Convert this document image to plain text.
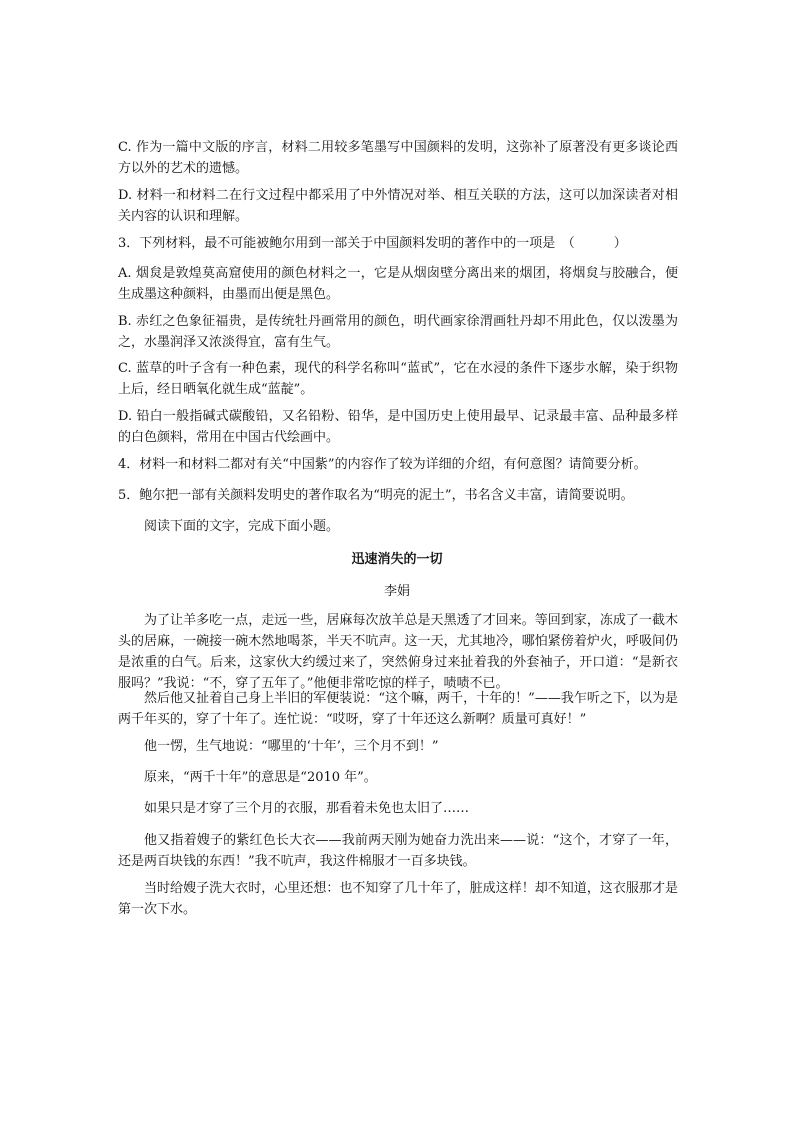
C. 作为一篇中文版的序言，材料二用较多笔墨写中国颜料的发明，这弥补了原著没有更多谈论西方以外的艺术的遗憾。

D. 材料一和材料二在行文过程中都采用了中外情况对举、相互关联的方法，这可以加深读者对相关内容的认识和理解。

3．下列材料，最不可能被鲍尔用到一部关于中国颜料发明的著作中的一项是　（　　　）

A. 烟炱是敦煌莫高窟使用的颜色材料之一，它是从烟囱壁分离出来的烟团，将烟炱与胶融合，便生成墨这种颜料，由墨而出便是黑色。

B. 赤红之色象征福贵，是传统牡丹画常用的颜色，明代画家徐渭画牡丹却不用此色，仅以泼墨为之，水墨润泽又浓淡得宜，富有生气。

C. 蓝草的叶子含有一种色素，现代的科学名称叫“蓝甙”，它在水浸的条件下逐步水解，染于织物上后，经日晒氧化就生成“蓝靛”。

D. 铅白一般指碱式碳酸铅，又名铅粉、铅华，是中国历史上使用最早、记录最丰富、品种最多样的白色颜料，常用在中国古代绘画中。

4．材料一和材料二都对有关“中国紫”的内容作了较为详细的介绍，有何意图？请简要分析。

5．鲍尔把一部有关颜料发明史的著作取名为“明亮的泥土”，书名含义丰富，请简要说明。

阅读下面的文字，完成下面小题。

迅速消失的一切

李娟

为了让羊多吃一点，走远一些，居麻每次放羊总是天黑透了才回来。等回到家，冻成了一截木头的居麻，一碗接一碗木然地喝茶，半天不吭声。这一天，尤其地冷，哪怕紧傍着炉火，呼吸间仍是浓重的白气。后来，这家伙大约缓过来了，突然俯身过来扯着我的外套袖子，开口道：“是新衣服吗？”我说：“不，穿了五年了。”他便非常吃惊的样子，啧啧不已。

然后他又扯着自己身上半旧的军便装说：“这个嘛，两千，十年的！”——我乍听之下，以为是两千年买的，穿了十年了。连忙说：“哎呀，穿了十年还这么新啊？质量可真好！”

他一愣，生气地说：“哪里的‘十年’，三个月不到！”

原来，“两千十年”的意思是“2010 年”。

如果只是才穿了三个月的衣服，那看着未免也太旧了……

他又指着嫂子的紫红色长大衣——我前两天刚为她奋力洗出来——说：“这个，才穿了一年，还是两百块钱的东西！”我不吭声，我这件棉服才一百多块钱。

当时给嫂子洗大衣时，心里还想：也不知穿了几十年了，脏成这样！却不知道，这衣服那才是第一次下水。
